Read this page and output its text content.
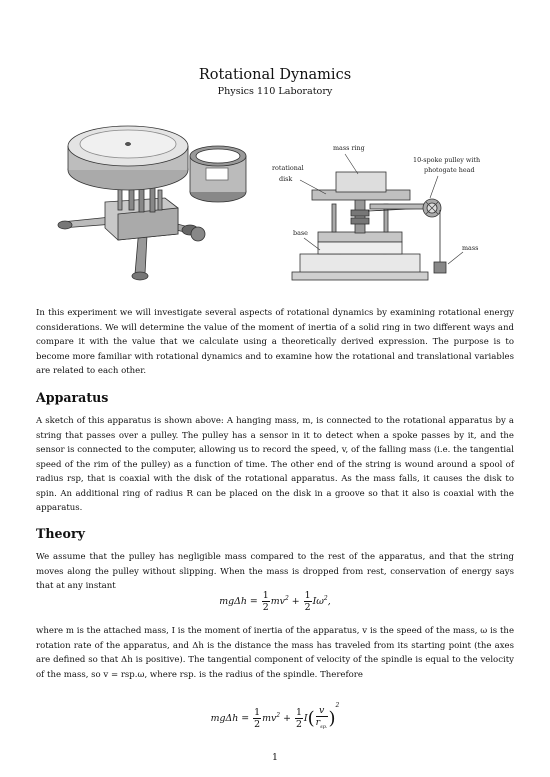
Rotational Dynamics
Physics 110 Laboratory
mass ring
rotational
disk
10-spoke pulley with
photogate head
base
mass

In this experiment we will investigate several aspects of rotational dynamics by examining rotational energy considerations. We will determine the value of the moment of inertia of a solid ring in two different ways and compare it with the value that we calculate using a theoretically derived expression. The purpose is to become more familiar with rotational dynamics and to examine how the rotational and translational variables are related to each other.

Apparatus

A sketch of this apparatus is shown above: A hanging mass, m, is connected to the rotational apparatus by a string that passes over a pulley. The pulley has a sensor in it to detect when a spoke passes by it, and the sensor is connected to the computer, allowing us to record the speed, v, of the falling mass (i.e. the tangential speed of the rim of the pulley) as a function of time. The other end of the string is wound around a spool of radius rsp, that is coaxial with the disk of the rotational apparatus. As the mass falls, it causes the disk to spin. An additional ring of radius R can be placed on the disk in a groove so that it also is coaxial with the apparatus.

Theory

We assume that the pulley has negligible mass compared to the rest of the apparatus, and that the string moves along the pulley without slipping. When the mass is dropped from rest, conservation of energy says that at any instant

$mg\Delta h = \frac{1}{2} mv^2 + \frac{1}{2} I\omega^2$,

where m is the attached mass, I is the moment of inertia of the apparatus, v is the speed of the mass, ω is the rotation rate of the apparatus, and Δh is the distance the mass has traveled from its starting point (the axes are defined so that Δh is positive). The tangential component of velocity of the spindle is equal to the velocity of the mass, so v = rsp.ω, where rsp. is the radius of the spindle. Therefore

$mg\Delta h = \frac{1}{2} mv^2 + \frac{1}{2} I( \frac{v}{r_{sp.}} )^2$
1
